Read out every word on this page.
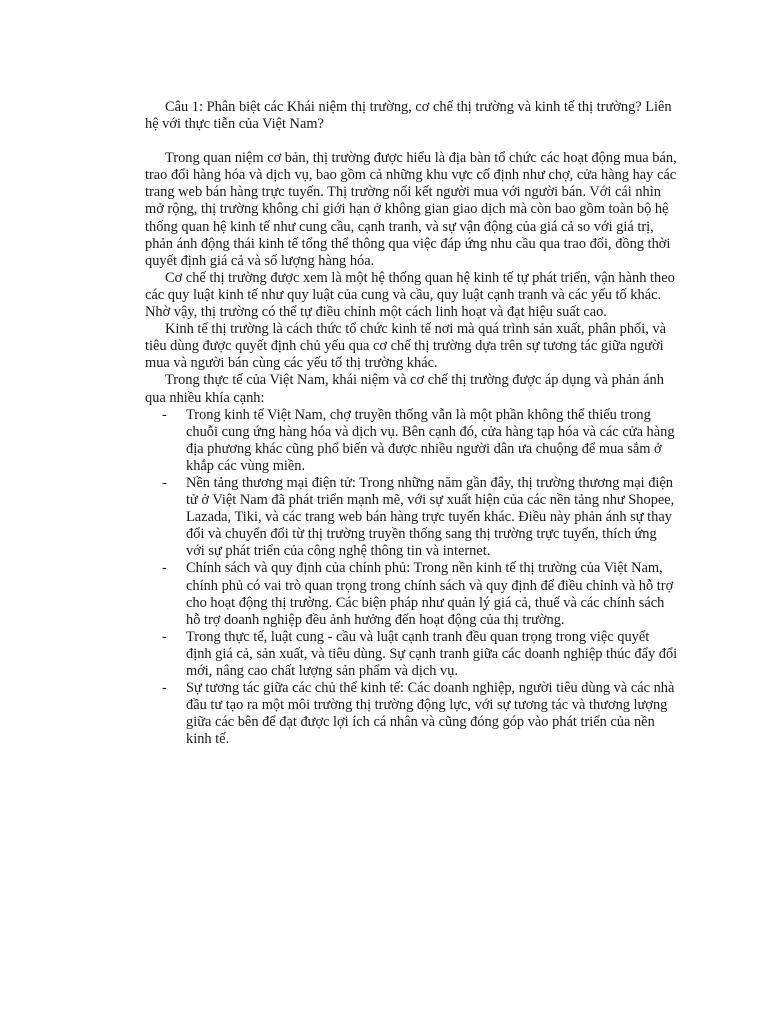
Câu 1: Phân biệt các Khái niệm thị trường, cơ chế thị trường và kinh tế thị trường? Liên hệ với thực tiễn của Việt Nam?

Trong quan niệm cơ bản, thị trường được hiểu là địa bàn tổ chức các hoạt động mua bán, trao đổi hàng hóa và dịch vụ, bao gồm cả những khu vực cố định như chợ, cửa hàng hay các trang web bán hàng trực tuyến. Thị trường nối kết người mua với người bán. Với cái nhìn mở rộng, thị trường không chỉ giới hạn ở không gian giao dịch mà còn bao gồm toàn bộ hệ thống quan hệ kinh tế như cung cầu, cạnh tranh, và sự vận động của giá cả so với giá trị, phản ánh động thái kinh tế tổng thể thông qua việc đáp ứng nhu cầu qua trao đổi, đồng thời quyết định giá cả và số lượng hàng hóa.

Cơ chế thị trường được xem là một hệ thống quan hệ kinh tế tự phát triển, vận hành theo các quy luật kinh tế như quy luật của cung và cầu, quy luật cạnh tranh và các yếu tố khác. Nhờ vậy, thị trường có thể tự điều chỉnh một cách linh hoạt và đạt hiệu suất cao.

Kinh tế thị trường là cách thức tổ chức kinh tế nơi mà quá trình sản xuất, phân phối, và tiêu dùng được quyết định chủ yếu qua cơ chế thị trường dựa trên sự tương tác giữa người mua và người bán cùng các yếu tố thị trường khác.

Trong thực tế của Việt Nam, khái niệm và cơ chế thị trường được áp dụng và phản ánh qua nhiều khía cạnh:

- Trong kinh tế Việt Nam, chợ truyền thống vẫn là một phần không thể thiếu trong chuỗi cung ứng hàng hóa và dịch vụ. Bên cạnh đó, cửa hàng tạp hóa và các cửa hàng địa phương khác cũng phổ biến và được nhiều người dân ưa chuộng để mua sắm ở khắp các vùng miền.
- Nền tảng thương mại điện tử: Trong những năm gần đây, thị trường thương mại điện tử ở Việt Nam đã phát triển mạnh mẽ, với sự xuất hiện của các nền tảng như Shopee, Lazada, Tiki, và các trang web bán hàng trực tuyến khác. Điều này phản ánh sự thay đổi và chuyển đổi từ thị trường truyền thống sang thị trường trực tuyến, thích ứng với sự phát triển của công nghệ thông tin và internet.
- Chính sách và quy định của chính phủ: Trong nền kinh tế thị trường của Việt Nam, chính phủ có vai trò quan trọng trong chính sách và quy định để điều chỉnh và hỗ trợ cho hoạt động thị trường. Các biện pháp như quản lý giá cả, thuế và các chính sách hỗ trợ doanh nghiệp đều ảnh hưởng đến hoạt động của thị trường.
- Trong thực tế, luật cung - cầu và luật cạnh tranh đều quan trọng trong việc quyết định giá cả, sản xuất, và tiêu dùng. Sự cạnh tranh giữa các doanh nghiệp thúc đẩy đổi mới, nâng cao chất lượng sản phẩm và dịch vụ.
- Sự tương tác giữa các chủ thể kinh tế: Các doanh nghiệp, người tiêu dùng và các nhà đầu tư tạo ra một môi trường thị trường động lực, với sự tương tác và thương lượng giữa các bên để đạt được lợi ích cá nhân và cũng đóng góp vào phát triển của nền kinh tế.
